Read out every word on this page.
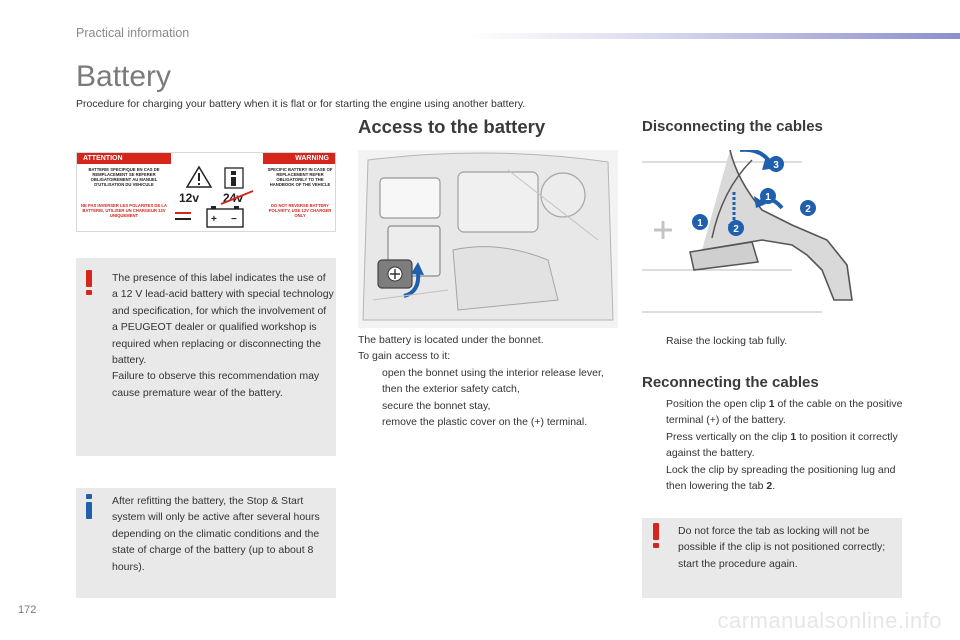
Practical information
Battery
Procedure for charging your battery when it is flat or for starting the engine using another battery.
ATTENTION	WARNING
BATTERIE SPECIFIQUE EN CAS DE REMPLACEMENT SE REFERER OBLIGATOIREMENT AU MANUEL D'UTILISATION DU VEHICULE
NE PAS INVERSER LES POLARITES DE LA BATTERIE, UTILISER UN CHARGEUR 12V UNIQUEMENT
SPECIFIC BATTERY IN CASE OF REPLACEMENT REFER OBLIGATORILY TO THE HANDBOOK OF THE VEHICLE
DO NOT REVERSE BATTERY POLARITY, USE 12V CHARGER ONLY
12v 24v
+ −
The presence of this label indicates the use of a 12 V lead-acid battery with special technology and specification, for which the involvement of a PEUGEOT dealer or qualified workshop is required when replacing or disconnecting the battery.
Failure to observe this recommendation may cause premature wear of the battery.
After refitting the battery, the Stop & Start system will only be active after several hours depending on the climatic conditions and the state of charge of the battery (up to about 8 hours).
Access to the battery
The battery is located under the bonnet.
To gain access to it:
open the bonnet using the interior release lever, then the exterior safety catch,
secure the bonnet stay,
remove the plastic cover on the (+) terminal.
Disconnecting the cables
1
2
1
2
3
Raise the locking tab fully.
Reconnecting the cables
Position the open clip 1 of the cable on the positive terminal (+) of the battery.
Press vertically on the clip 1 to position it correctly against the battery.
Lock the clip by spreading the positioning lug and then lowering the tab 2.
Do not force the tab as locking will not be possible if the clip is not positioned correctly; start the procedure again.
172	carmanualsonline.info
